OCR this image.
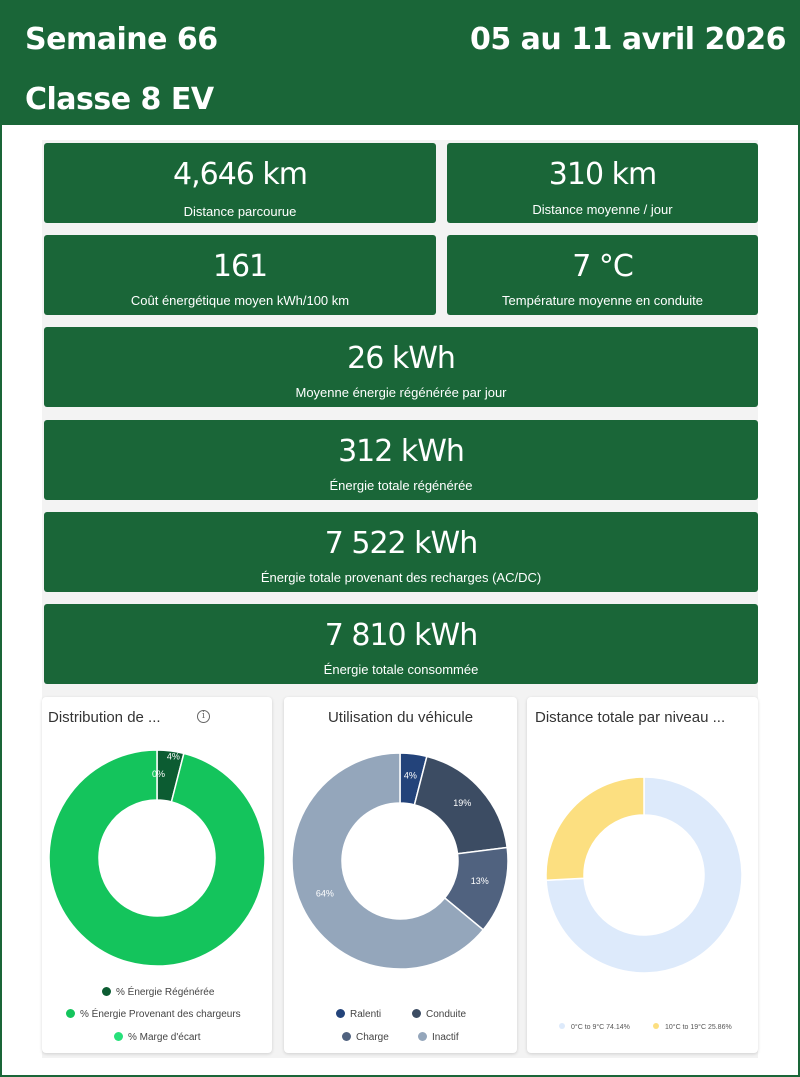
Semaine 66	05 au 11 avril 2026
Classe 8 EV
4,646 km
Distance parcourue
310 km
Distance moyenne / jour
161
Coût énergétique moyen kWh/100 km
7 °C
Température moyenne en conduite
26 kWh
Moyenne énergie régénérée par jour
312 kWh
Énergie totale régénérée
7 522 kWh
Énergie totale provenant des recharges (AC/DC)
7 810 kWh
Énergie totale consommée
Distribution de ...	i
4%
0%
% Énergie Régénérée
% Énergie Provenant des chargeurs
% Marge d'écart
Utilisation du véhicule
4%
19%
13%
64%
Ralenti	Conduite
Charge	Inactif
Distance totale par niveau ...
0°C to 9°C 74.14%	10°C to 19°C 25.86%
